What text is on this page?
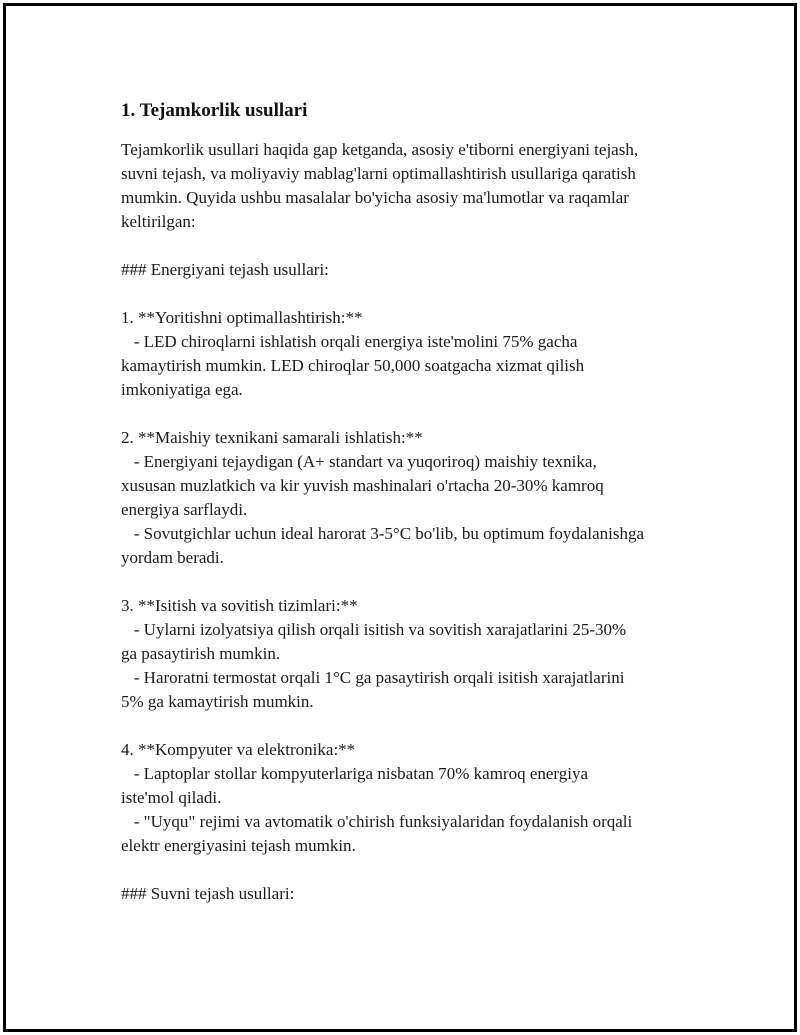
1. Tejamkorlik usullari

Tejamkorlik usullari haqida gap ketganda, asosiy e'tiborni energiyani tejash,
suvni tejash, va moliyaviy mablag'larni optimallashtirish usullariga qaratish
mumkin. Quyida ushbu masalalar bo'yicha asosiy ma'lumotlar va raqamlar
keltirilgan:

### Energiyani tejash usullari:

1. **Yoritishni optimallashtirish:**
- LED chiroqlarni ishlatish orqali energiya iste'molini 75% gacha
kamaytirish mumkin. LED chiroqlar 50,000 soatgacha xizmat qilish
imkoniyatiga ega.

2. **Maishiy texnikani samarali ishlatish:**
- Energiyani tejaydigan (A+ standart va yuqoriroq) maishiy texnika,
xususan muzlatkich va kir yuvish mashinalari o'rtacha 20-30% kamroq
energiya sarflaydi.
- Sovutgichlar uchun ideal harorat 3-5°C bo'lib, bu optimum foydalanishga
yordam beradi.

3. **Isitish va sovitish tizimlari:**
- Uylarni izolyatsiya qilish orqali isitish va sovitish xarajatlarini 25-30%
ga pasaytirish mumkin.
- Haroratni termostat orqali 1°C ga pasaytirish orqali isitish xarajatlarini
5% ga kamaytirish mumkin.

4. **Kompyuter va elektronika:**
- Laptoplar stollar kompyuterlariga nisbatan 70% kamroq energiya
iste'mol qiladi.
- "Uyqu" rejimi va avtomatik o'chirish funksiyalaridan foydalanish orqali
elektr energiyasini tejash mumkin.

### Suvni tejash usullari:
